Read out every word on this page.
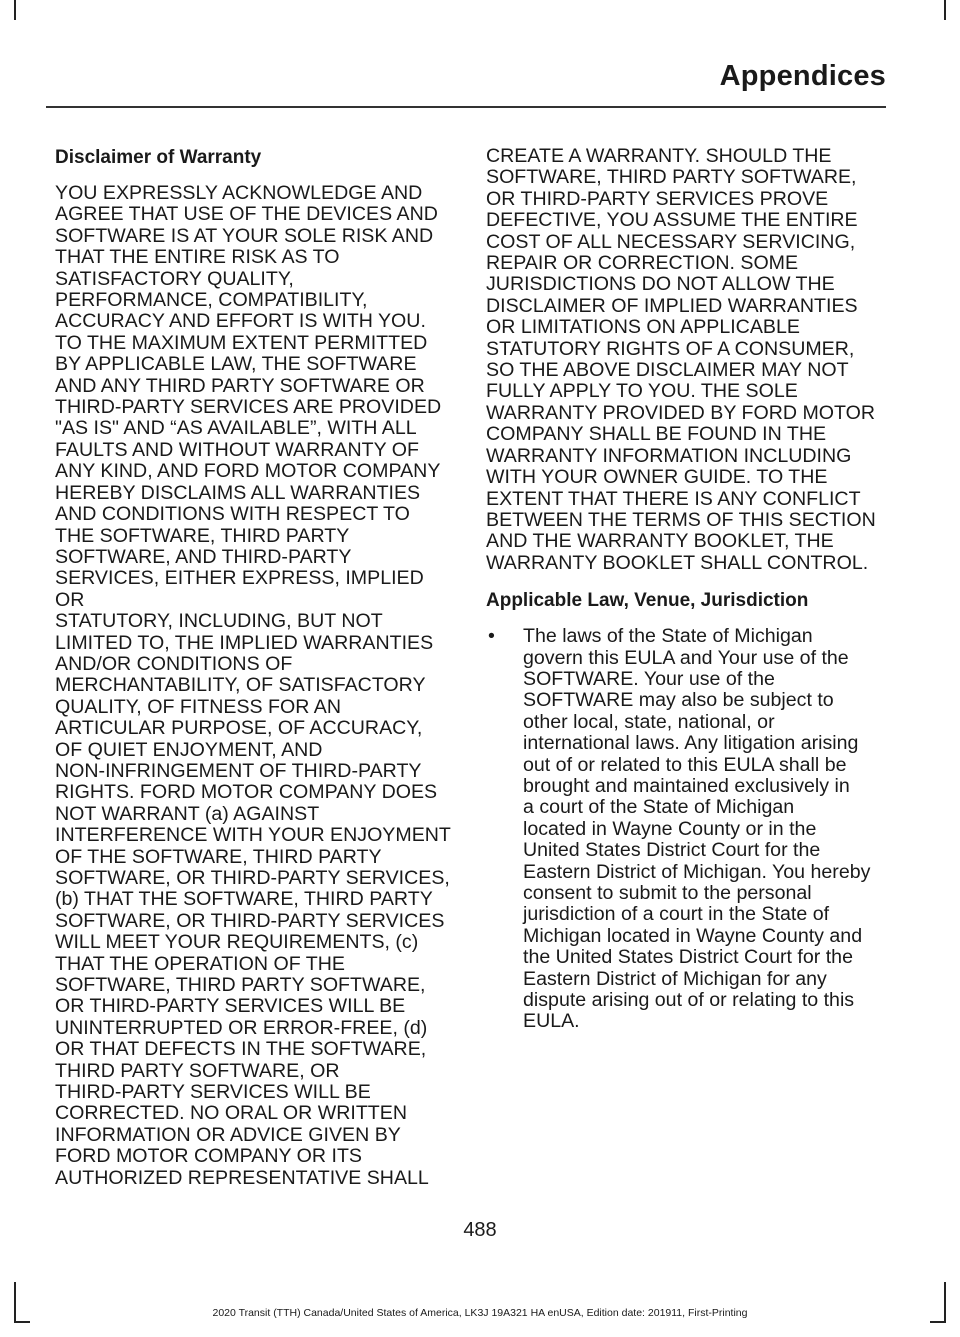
Appendices
Disclaimer of Warranty

YOU EXPRESSLY ACKNOWLEDGE AND
AGREE THAT USE OF THE DEVICES AND
SOFTWARE IS AT YOUR SOLE RISK AND
THAT THE ENTIRE RISK AS TO
SATISFACTORY QUALITY,
PERFORMANCE, COMPATIBILITY,
ACCURACY AND EFFORT IS WITH YOU.
TO THE MAXIMUM EXTENT PERMITTED
BY APPLICABLE LAW, THE SOFTWARE
AND ANY THIRD PARTY SOFTWARE OR
THIRD-PARTY SERVICES ARE PROVIDED
"AS IS" AND “AS AVAILABLE”, WITH ALL
FAULTS AND WITHOUT WARRANTY OF
ANY KIND, AND FORD MOTOR COMPANY
HEREBY DISCLAIMS ALL WARRANTIES
AND CONDITIONS WITH RESPECT TO
THE SOFTWARE, THIRD PARTY
SOFTWARE, AND THIRD-PARTY
SERVICES, EITHER EXPRESS, IMPLIED OR
STATUTORY, INCLUDING, BUT NOT
LIMITED TO, THE IMPLIED WARRANTIES
AND/OR CONDITIONS OF
MERCHANTABILITY, OF SATISFACTORY
QUALITY, OF FITNESS FOR AN
ARTICULAR PURPOSE, OF ACCURACY,
OF QUIET ENJOYMENT, AND
NON-INFRINGEMENT OF THIRD-PARTY
RIGHTS. FORD MOTOR COMPANY DOES
NOT WARRANT (a) AGAINST
INTERFERENCE WITH YOUR ENJOYMENT
OF THE SOFTWARE, THIRD PARTY
SOFTWARE, OR THIRD-PARTY SERVICES,
(b) THAT THE SOFTWARE, THIRD PARTY
SOFTWARE, OR THIRD-PARTY SERVICES
WILL MEET YOUR REQUIREMENTS, (c)
THAT THE OPERATION OF THE
SOFTWARE, THIRD PARTY SOFTWARE,
OR THIRD-PARTY SERVICES WILL BE
UNINTERRUPTED OR ERROR-FREE, (d)
OR THAT DEFECTS IN THE SOFTWARE,
THIRD PARTY SOFTWARE, OR
THIRD-PARTY SERVICES WILL BE
CORRECTED. NO ORAL OR WRITTEN
INFORMATION OR ADVICE GIVEN BY
FORD MOTOR COMPANY OR ITS
AUTHORIZED REPRESENTATIVE SHALL

CREATE A WARRANTY. SHOULD THE
SOFTWARE, THIRD PARTY SOFTWARE,
OR THIRD-PARTY SERVICES PROVE
DEFECTIVE, YOU ASSUME THE ENTIRE
COST OF ALL NECESSARY SERVICING,
REPAIR OR CORRECTION. SOME
JURISDICTIONS DO NOT ALLOW THE
DISCLAIMER OF IMPLIED WARRANTIES
OR LIMITATIONS ON APPLICABLE
STATUTORY RIGHTS OF A CONSUMER,
SO THE ABOVE DISCLAIMER MAY NOT
FULLY APPLY TO YOU. THE SOLE
WARRANTY PROVIDED BY FORD MOTOR
COMPANY SHALL BE FOUND IN THE
WARRANTY INFORMATION INCLUDING
WITH YOUR OWNER GUIDE. TO THE
EXTENT THAT THERE IS ANY CONFLICT
BETWEEN THE TERMS OF THIS SECTION
AND THE WARRANTY BOOKLET, THE
WARRANTY BOOKLET SHALL CONTROL.

Applicable Law, Venue, Jurisdiction
• The laws of the State of Michigan
govern this EULA and Your use of the
SOFTWARE. Your use of the
SOFTWARE may also be subject to
other local, state, national, or
international laws. Any litigation arising
out of or related to this EULA shall be
brought and maintained exclusively in
a court of the State of Michigan
located in Wayne County or in the
United States District Court for the
Eastern District of Michigan. You hereby
consent to submit to the personal
jurisdiction of a court in the State of
Michigan located in Wayne County and
the United States District Court for the
Eastern District of Michigan for any
dispute arising out of or relating to this
EULA.

488
2020 Transit (TTH) Canada/United States of America, LK3J 19A321 HA enUSA, Edition date: 201911, First-Printing
